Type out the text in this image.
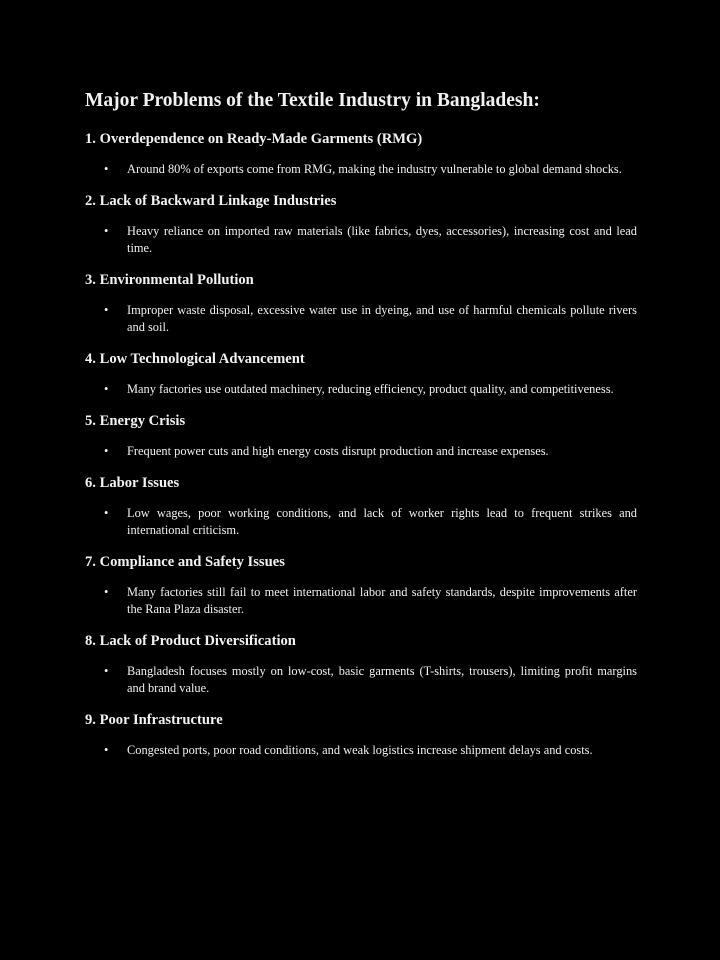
Major Problems of the Textile Industry in Bangladesh:
1. Overdependence on Ready-Made Garments (RMG)
• Around 80% of exports come from RMG, making the industry vulnerable to global demand shocks.
2. Lack of Backward Linkage Industries
• Heavy reliance on imported raw materials (like fabrics, dyes, accessories), increasing cost and lead time.
3. Environmental Pollution
• Improper waste disposal, excessive water use in dyeing, and use of harmful chemicals pollute rivers and soil.
4. Low Technological Advancement
• Many factories use outdated machinery, reducing efficiency, product quality, and competitiveness.
5. Energy Crisis
• Frequent power cuts and high energy costs disrupt production and increase expenses.
6. Labor Issues
• Low wages, poor working conditions, and lack of worker rights lead to frequent strikes and international criticism.
7. Compliance and Safety Issues
• Many factories still fail to meet international labor and safety standards, despite improvements after the Rana Plaza disaster.
8. Lack of Product Diversification
• Bangladesh focuses mostly on low-cost, basic garments (T-shirts, trousers), limiting profit margins and brand value.
9. Poor Infrastructure
• Congested ports, poor road conditions, and weak logistics increase shipment delays and costs.
